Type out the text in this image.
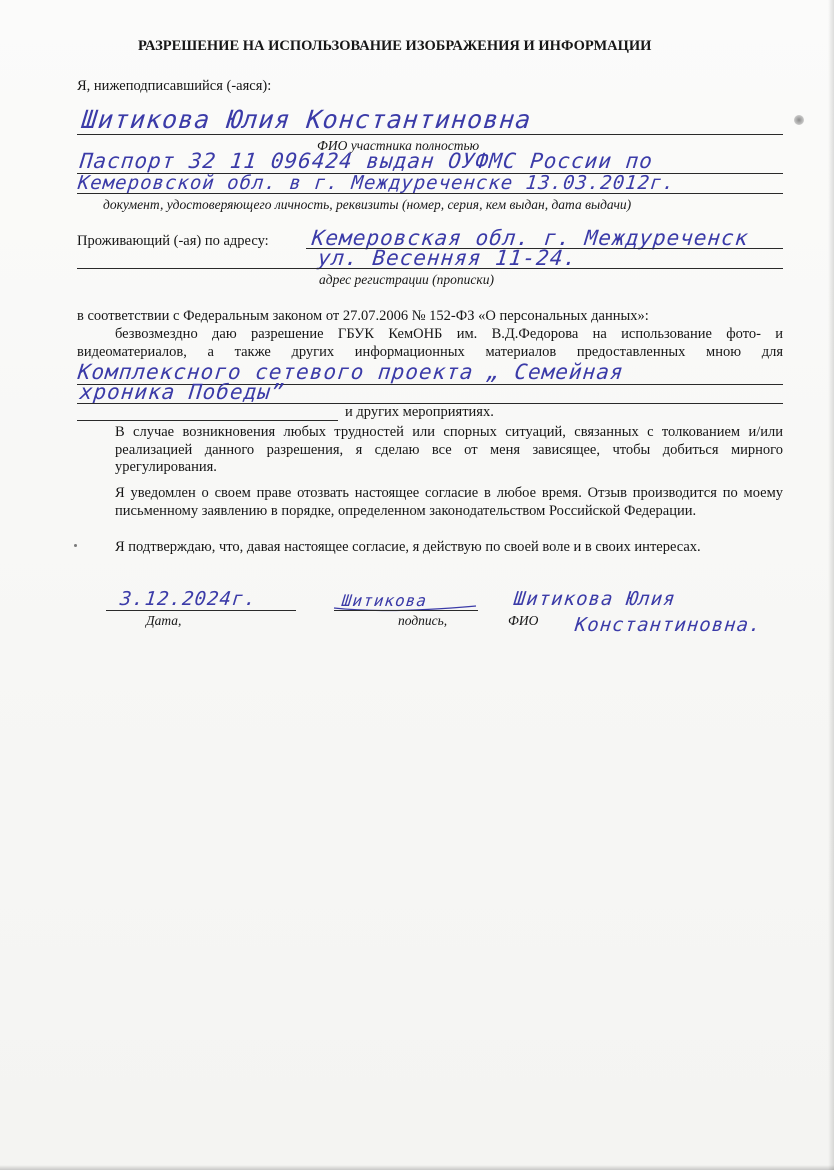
РАЗРЕШЕНИЕ НА ИСПОЛЬЗОВАНИЕ ИЗОБРАЖЕНИЯ И ИНФОРМАЦИИ
Я, нижеподписавшийся (-аяся):
Шитикова Юлия Константиновна
ФИО участника полностью
Паспорт 32 11 096424 выдан ОУФМС России по
Кемеровской обл. в г. Междуреченске 13.03.2012г.
документ, удостоверяющего личность, реквизиты (номер, серия, кем выдан, дата выдачи)
Проживающий (-ая) по адресу: Кемеровская обл. г. Междуреченск
ул. Весенняя 11-24.
адрес регистрации (прописки)
в соответствии с Федеральным законом от 27.07.2006 № 152-ФЗ «О персональных данных»:
безвозмездно даю разрешение ГБУК КемОНБ им. В.Д.Федорова на использование фото- и
видеоматериалов, а также других информационных материалов предоставленных мною для
Комплексного сетевого проекта „ Семейная
хроника Победы”
и других мероприятиях.
В случае возникновения любых трудностей или спорных ситуаций, связанных с толкованием и/или реализацией данного разрешения, я сделаю все от меня зависящее, чтобы добиться мирного урегулирования.
Я уведомлен о своем праве отозвать настоящее согласие в любое время. Отзыв производится по моему письменному заявлению в порядке, определенном законодательством Российской Федерации.
Я подтверждаю, что, давая настоящее согласие, я действую по своей воле и в своих интересах.
3.12.2024г.
Дата,
Шитикова
подпись,
Шитикова Юлия
ФИО Константиновна.
